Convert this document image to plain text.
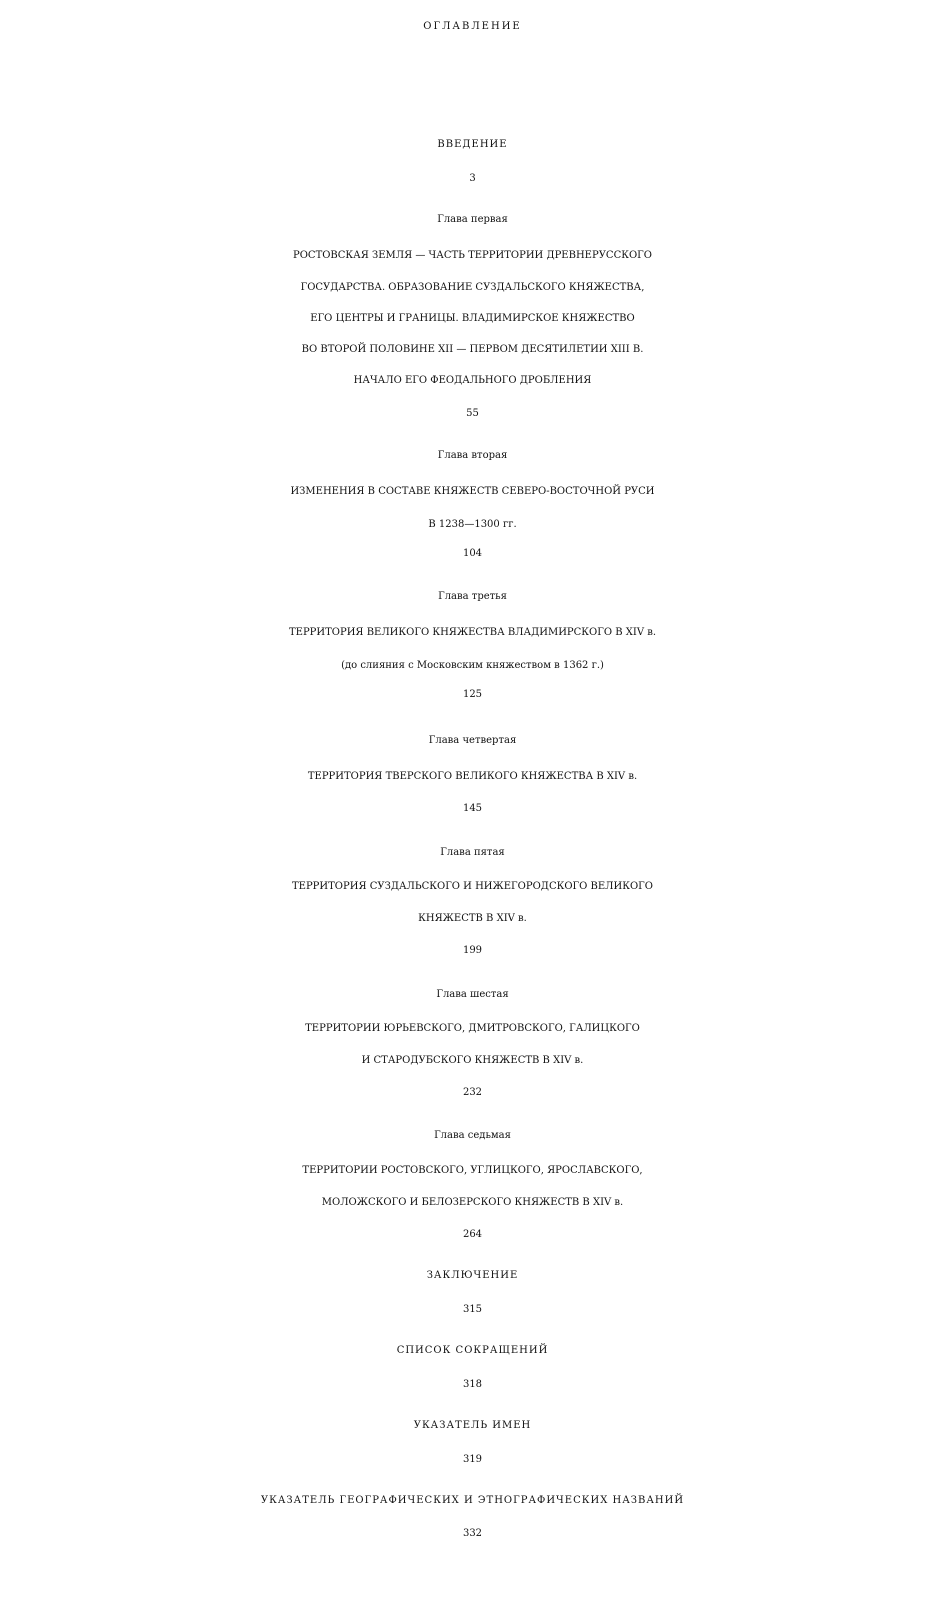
ОГЛАВЛЕНИЕ
ВВЕДЕНИЕ
3
Глава первая
РОСТОВСКАЯ ЗЕМЛЯ — ЧАСТЬ ТЕРРИТОРИИ ДРЕВНЕРУССКОГО
ГОСУДАРСТВА. ОБРАЗОВАНИЕ СУЗДАЛЬСКОГО КНЯЖЕСТВА,
ЕГО ЦЕНТРЫ И ГРАНИЦЫ. ВЛАДИМИРСКОЕ КНЯЖЕСТВО
ВО ВТОРОЙ ПОЛОВИНЕ XII — ПЕРВОМ ДЕСЯТИЛЕТИИ XIII В.
НАЧАЛО ЕГО ФЕОДАЛЬНОГО ДРОБЛЕНИЯ
55
Глава вторая
ИЗМЕНЕНИЯ В СОСТАВЕ КНЯЖЕСТВ СЕВЕРО-ВОСТОЧНОЙ РУСИ
В 1238—1300 гг.
104
Глава третья
ТЕРРИТОРИЯ ВЕЛИКОГО КНЯЖЕСТВА ВЛАДИМИРСКОГО В XIV в.
(до слияния с Московским княжеством в 1362 г.)
125
Глава четвертая
ТЕРРИТОРИЯ ТВЕРСКОГО ВЕЛИКОГО КНЯЖЕСТВА В XIV в.
145
Глава пятая
ТЕРРИТОРИЯ СУЗДАЛЬСКОГО И НИЖЕГОРОДСКОГО ВЕЛИКОГО
КНЯЖЕСТВ В XIV в.
199
Глава шестая
ТЕРРИТОРИИ ЮРЬЕВСКОГО, ДМИТРОВСКОГО, ГАЛИЦКОГО
И СТАРОДУБСКОГО КНЯЖЕСТВ В XIV в.
232
Глава седьмая
ТЕРРИТОРИИ РОСТОВСКОГО, УГЛИЦКОГО, ЯРОСЛАВСКОГО,
МОЛОЖСКОГО И БЕЛОЗЕРСКОГО КНЯЖЕСТВ В XIV в.
264
ЗАКЛЮЧЕНИЕ
315
СПИСОК СОКРАЩЕНИЙ
318
УКАЗАТЕЛЬ ИМЕН
319
УКАЗАТЕЛЬ ГЕОГРАФИЧЕСКИХ И ЭТНОГРАФИЧЕСКИХ НАЗВАНИЙ
332
